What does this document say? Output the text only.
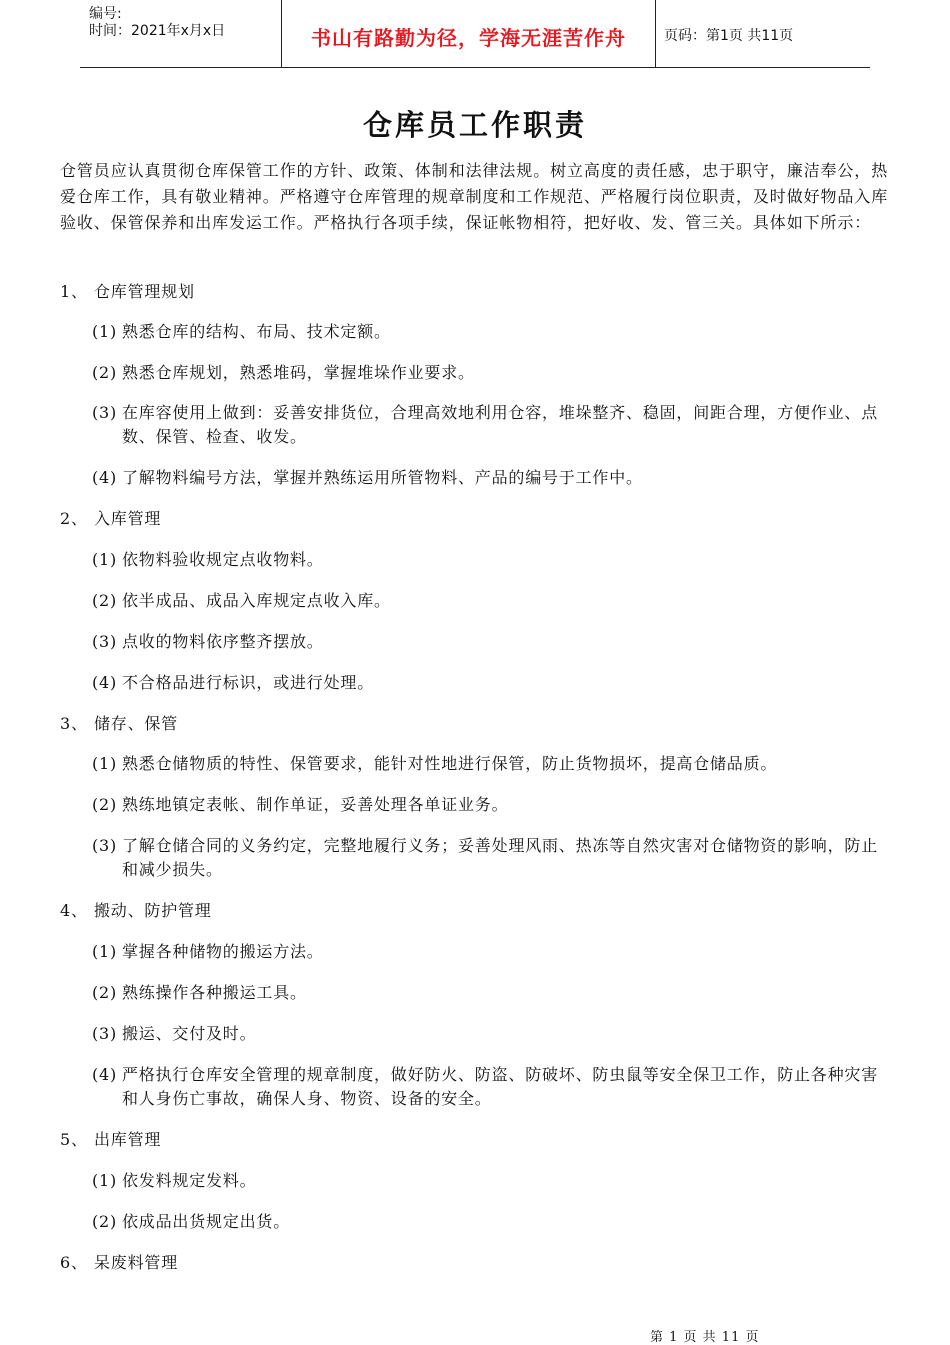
编号:
时间：2021年x月x日	书山有路勤为径，学海无涯苦作舟	页码：第1页 共11页
仓库员工作职责
仓管员应认真贯彻仓库保管工作的方针、政策、体制和法律法规。树立高度的责任感，忠于职守，廉洁奉公，热爱仓库工作，具有敬业精神。严格遵守仓库管理的规章制度和工作规范、严格履行岗位职责，及时做好物品入库验收、保管保养和出库发运工作。严格执行各项手续，保证帐物相符，把好收、发、管三关。具体如下所示：
1、 仓库管理规划
(1) 熟悉仓库的结构、布局、技术定额。
(2) 熟悉仓库规划，熟悉堆码，掌握堆垛作业要求。
(3) 在库容使用上做到：妥善安排货位，合理高效地利用仓容，堆垛整齐、稳固，间距合理，方便作业、点数、保管、检查、收发。
(4) 了解物料编号方法，掌握并熟练运用所管物料、产品的编号于工作中。
2、 入库管理
(1) 依物料验收规定点收物料。
(2) 依半成品、成品入库规定点收入库。
(3) 点收的物料依序整齐摆放。
(4) 不合格品进行标识，或进行处理。
3、 储存、保管
(1) 熟悉仓储物质的特性、保管要求，能针对性地进行保管，防止货物损坏，提高仓储品质。
(2) 熟练地镇定表帐、制作单证，妥善处理各单证业务。
(3) 了解仓储合同的义务约定，完整地履行义务；妥善处理风雨、热冻等自然灾害对仓储物资的影响，防止和减少损失。
4、 搬动、防护管理
(1) 掌握各种储物的搬运方法。
(2) 熟练操作各种搬运工具。
(3) 搬运、交付及时。
(4) 严格执行仓库安全管理的规章制度，做好防火、防盗、防破坏、防虫鼠等安全保卫工作，防止各种灾害和人身伤亡事故，确保人身、物资、设备的安全。
5、 出库管理
(1) 依发料规定发料。
(2) 依成品出货规定出货。
6、 呆废料管理
第 1 页 共 11 页
